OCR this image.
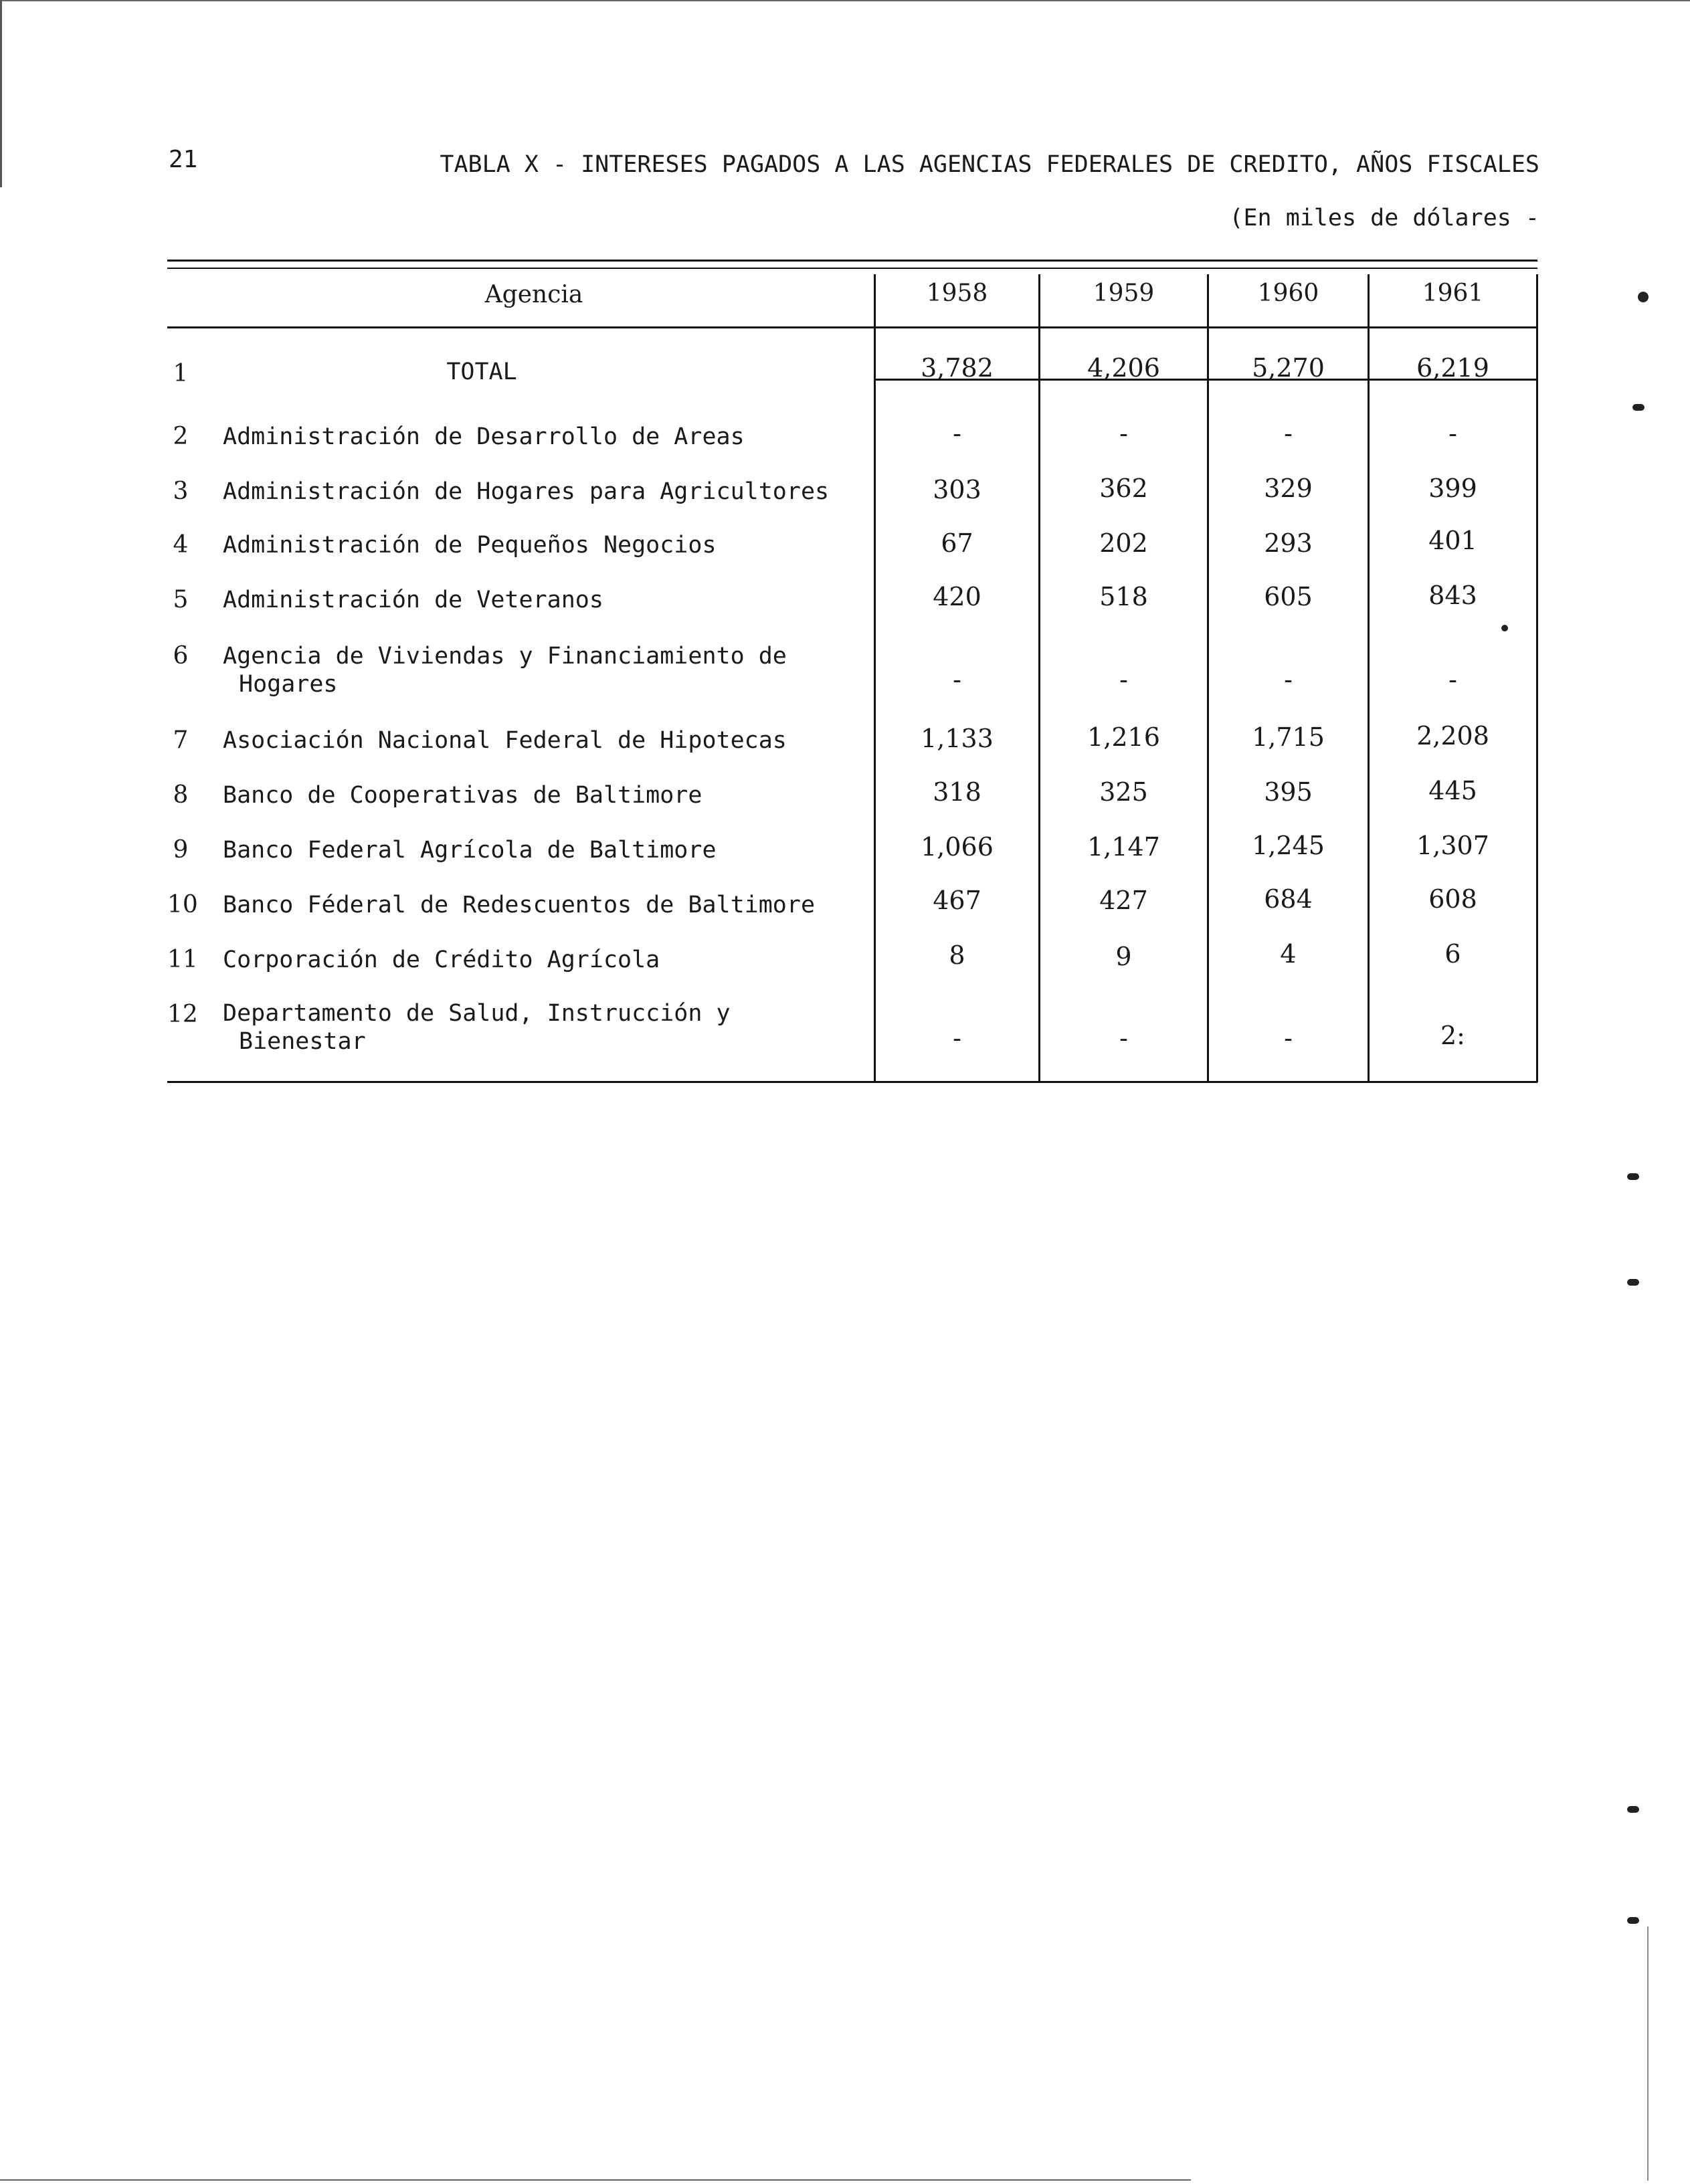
21	TABLA X - INTERESES PAGADOS A LAS AGENCIAS FEDERALES DE CREDITO, AÑOS FISCALES
(En miles de dólares -
Agencia	1958	1959	1960	1961
1	TOTAL	3,782	4,206	5,270	6,219
2 Administración de Desarrollo de Areas	-	-	-	-
3 Administración de Hogares para Agricultores	303	362	329	399
4 Administración de Pequeños Negocios	67	202	293	401
5 Administración de Veteranos	420	518	605	843
6 Agencia de Viviendas y Financiamiento de
Hogares	-	-	-	-
7 Asociación Nacional Federal de Hipotecas	1,133	1,216	1,715	2,208
8 Banco de Cooperativas de Baltimore	318	325	395	445
9 Banco Federal Agrícola de Baltimore	1,066	1,147	1,245	1,307
10 Banco Féderal de Redescuentos de Baltimore	467	427	684	608
11 Corporación de Crédito Agrícola	8	9	4	6
12 Departamento de Salud, Instrucción y
Bienestar	-	-	-	2:
